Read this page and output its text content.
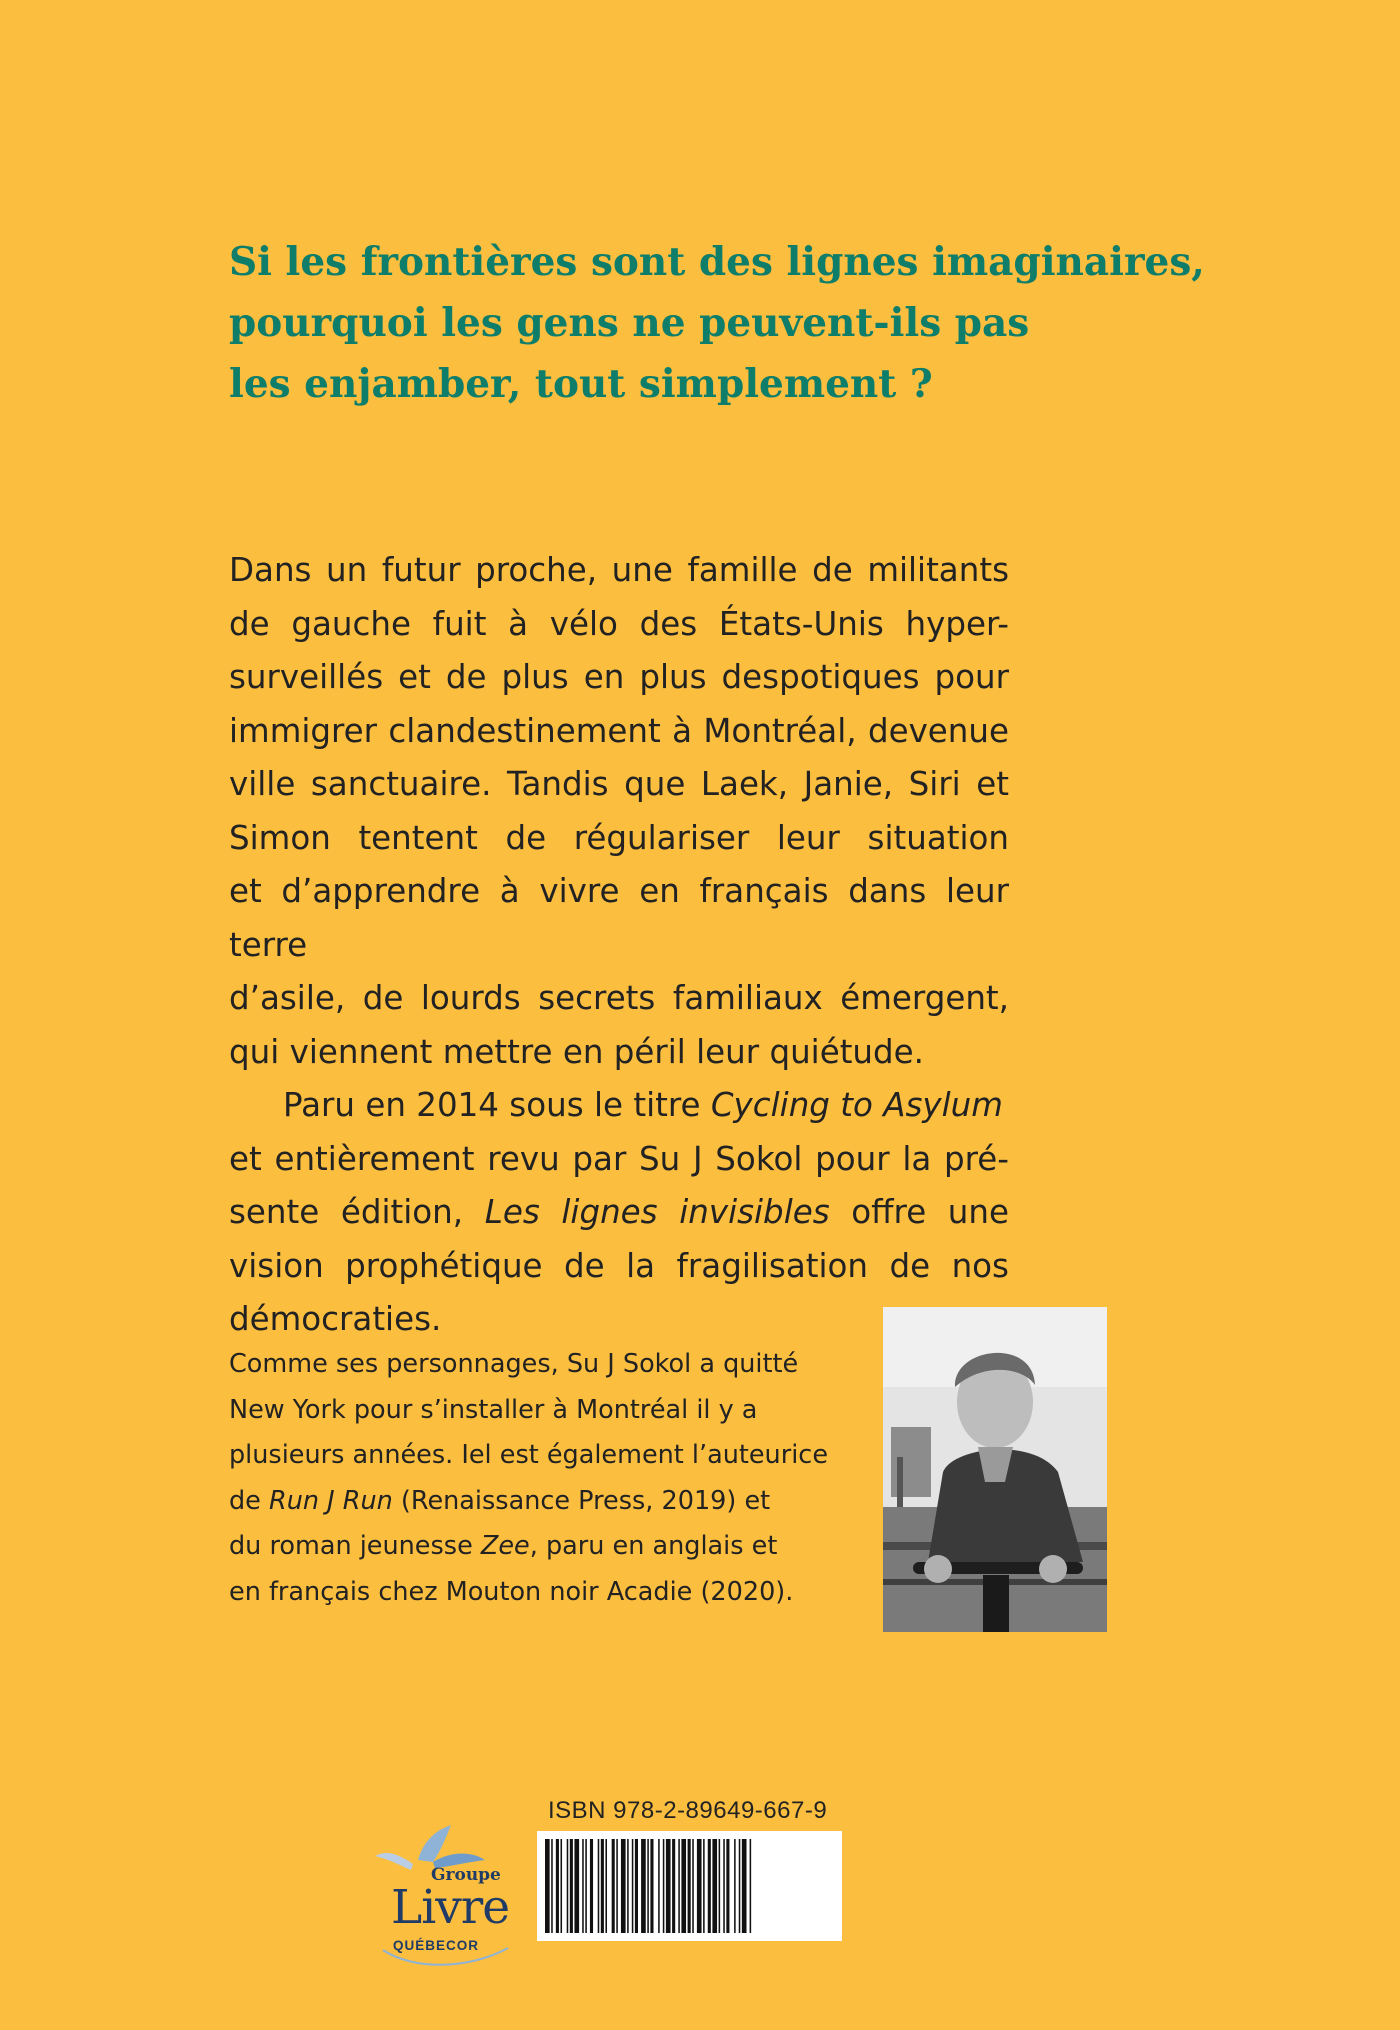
Si les frontières sont des lignes imaginaires,
pourquoi les gens ne peuvent-ils pas
les enjamber, tout simplement ?
Dans un futur proche, une famille de militants
de gauche fuit à vélo des États-Unis hyper-
surveillés et de plus en plus despotiques pour
immigrer clandestinement à Montréal, devenue
ville sanctuaire. Tandis que Laek, Janie, Siri et
Simon tentent de régulariser leur situation
et d’apprendre à vivre en français dans leur terre
d’asile, de lourds secrets familiaux émergent,
qui viennent mettre en péril leur quiétude.
Paru en 2014 sous le titre Cycling to Asylum
et entièrement revu par Su J Sokol pour la pré-
sente édition, Les lignes invisibles offre une
vision prophétique de la fragilisation de nos
démocraties.
Comme ses personnages, Su J Sokol a quitté
New York pour s’installer à Montréal il y a
plusieurs années. Iel est également l’auteurice
de Run J Run (Renaissance Press, 2019) et
du roman jeunesse Zee, paru en anglais et
en français chez Mouton noir Acadie (2020).
ISBN 978-2-89649-667-9
Groupe
Livre
QUÉBECOR
